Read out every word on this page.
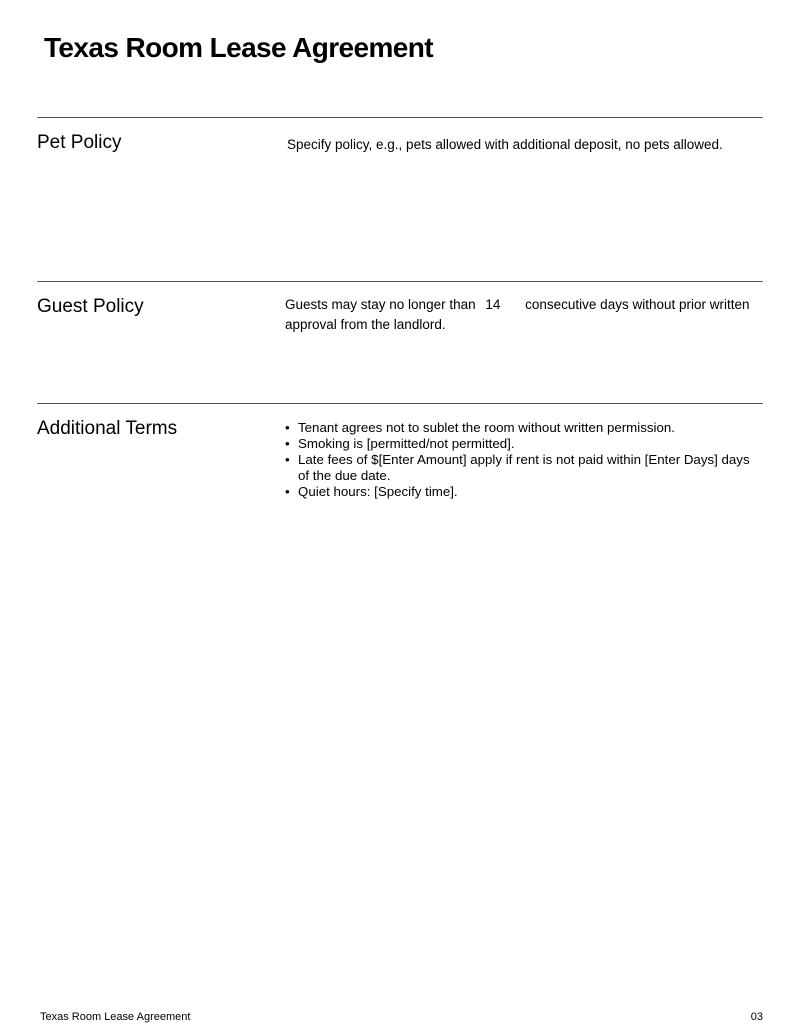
Texas Room Lease Agreement
Pet Policy	Specify policy, e.g., pets allowed with additional deposit, no pets allowed.
Guest Policy	Guests may stay no longer than 14 consecutive days without prior written approval from the landlord.
Additional Terms
•	Tenant agrees not to sublet the room without written permission.
• Smoking is [permitted/not permitted].
• Late fees of $[Enter Amount] apply if rent is not paid within [Enter Days] days of the due date.
• Quiet hours: [Specify time].
Texas Room Lease Agreement	03
